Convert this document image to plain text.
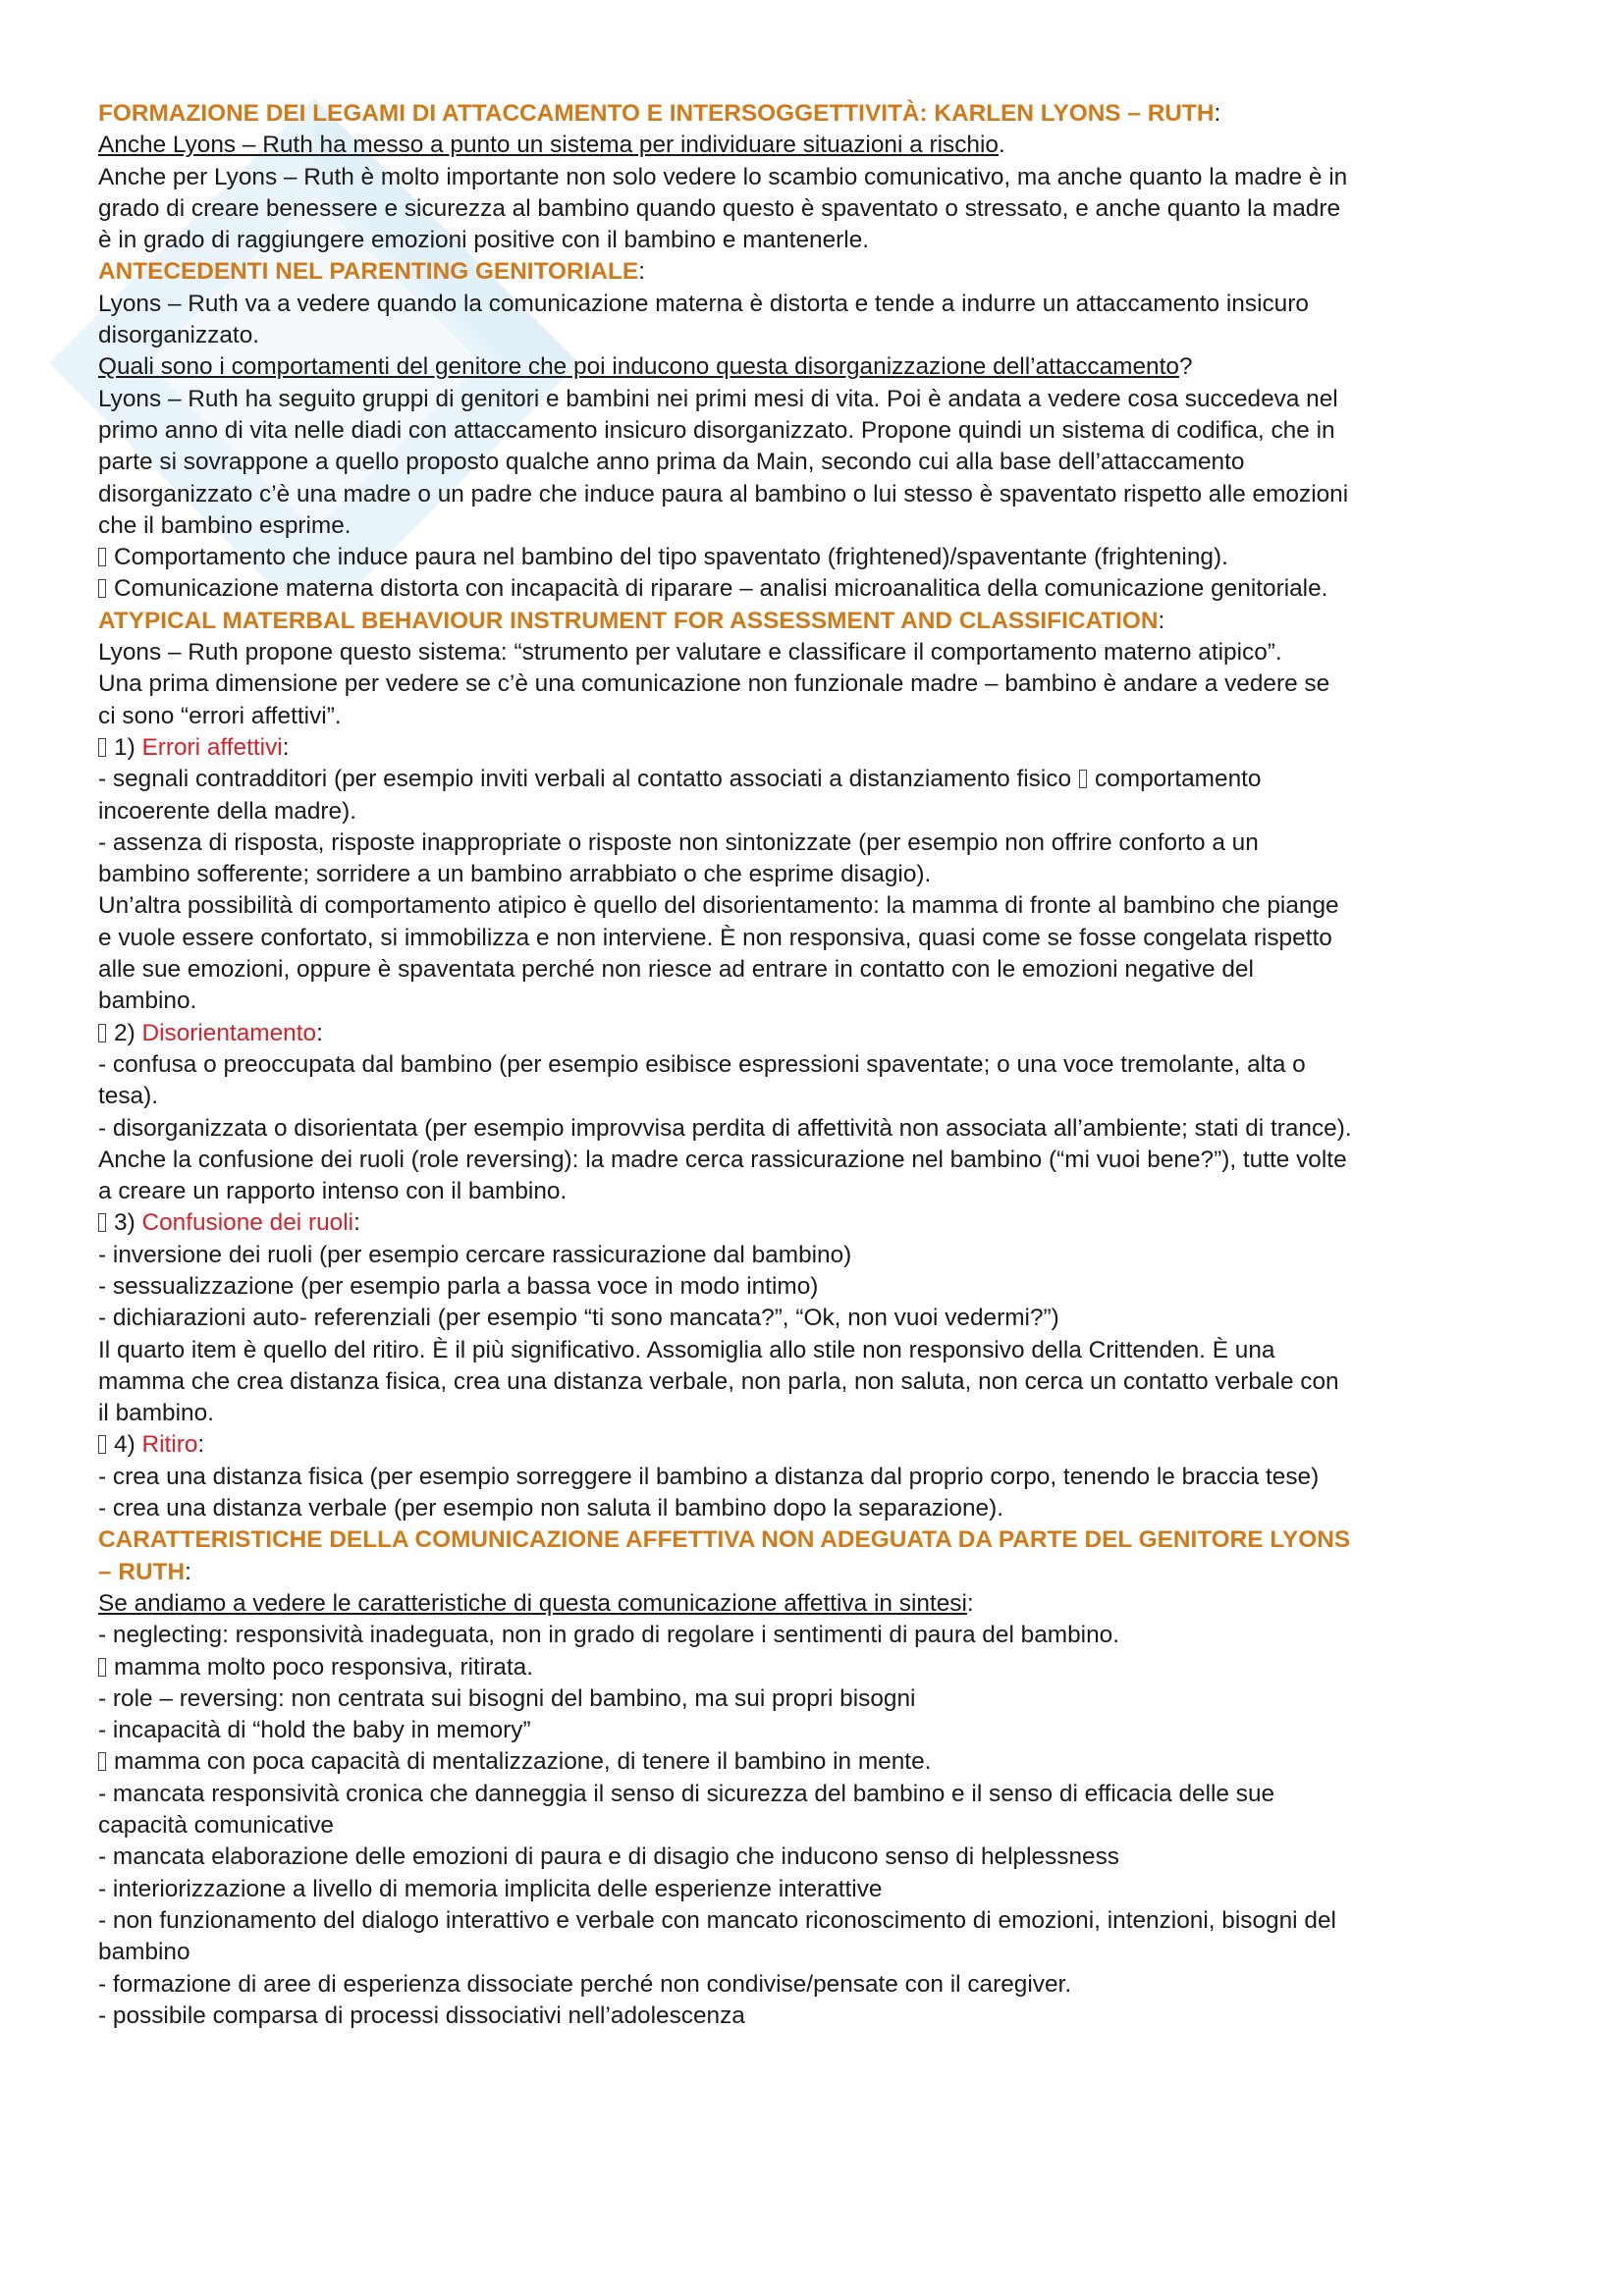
FORMAZIONE DEI LEGAMI DI ATTACCAMENTO E INTERSOGGETTIVITÀ: KARLEN LYONS – RUTH:
Anche Lyons – Ruth ha messo a punto un sistema per individuare situazioni a rischio.
Anche per Lyons – Ruth è molto importante non solo vedere lo scambio comunicativo, ma anche quanto la madre è in
grado di creare benessere e sicurezza al bambino quando questo è spaventato o stressato, e anche quanto la madre
è in grado di raggiungere emozioni positive con il bambino e mantenerle.
ANTECEDENTI NEL PARENTING GENITORIALE:
Lyons – Ruth va a vedere quando la comunicazione materna è distorta e tende a indurre un attaccamento insicuro
disorganizzato.
Quali sono i comportamenti del genitore che poi inducono questa disorganizzazione dell’attaccamento?
Lyons – Ruth ha seguito gruppi di genitori e bambini nei primi mesi di vita. Poi è andata a vedere cosa succedeva nel
primo anno di vita nelle diadi con attaccamento insicuro disorganizzato. Propone quindi un sistema di codifica, che in
parte si sovrappone a quello proposto qualche anno prima da Main, secondo cui alla base dell’attaccamento
disorganizzato c’è una madre o un padre che induce paura al bambino o lui stesso è spaventato rispetto alle emozioni
che il bambino esprime.
Comportamento che induce paura nel bambino del tipo spaventato (frightened)/spaventante (frightening).
Comunicazione materna distorta con incapacità di riparare – analisi microanalitica della comunicazione genitoriale.
ATYPICAL MATERBAL BEHAVIOUR INSTRUMENT FOR ASSESSMENT AND CLASSIFICATION:
Lyons – Ruth propone questo sistema: “strumento per valutare e classificare il comportamento materno atipico”.
Una prima dimensione per vedere se c’è una comunicazione non funzionale madre – bambino è andare a vedere se
ci sono “errori affettivi”.
1) Errori affettivi:
- segnali contradditori (per esempio inviti verbali al contatto associati a distanziamento fisico comportamento
incoerente della madre).
- assenza di risposta, risposte inappropriate o risposte non sintonizzate (per esempio non offrire conforto a un
bambino sofferente; sorridere a un bambino arrabbiato o che esprime disagio).
Un’altra possibilità di comportamento atipico è quello del disorientamento: la mamma di fronte al bambino che piange
e vuole essere confortato, si immobilizza e non interviene. È non responsiva, quasi come se fosse congelata rispetto
alle sue emozioni, oppure è spaventata perché non riesce ad entrare in contatto con le emozioni negative del
bambino.
2) Disorientamento:
- confusa o preoccupata dal bambino (per esempio esibisce espressioni spaventate; o una voce tremolante, alta o
tesa).
- disorganizzata o disorientata (per esempio improvvisa perdita di affettività non associata all’ambiente; stati di trance).
Anche la confusione dei ruoli (role reversing): la madre cerca rassicurazione nel bambino (“mi vuoi bene?”), tutte volte
a creare un rapporto intenso con il bambino.
3) Confusione dei ruoli:
- inversione dei ruoli (per esempio cercare rassicurazione dal bambino)
- sessualizzazione (per esempio parla a bassa voce in modo intimo)
- dichiarazioni auto- referenziali (per esempio “ti sono mancata?”, “Ok, non vuoi vedermi?”)
Il quarto item è quello del ritiro. È il più significativo. Assomiglia allo stile non responsivo della Crittenden. È una
mamma che crea distanza fisica, crea una distanza verbale, non parla, non saluta, non cerca un contatto verbale con
il bambino.
4) Ritiro:
- crea una distanza fisica (per esempio sorreggere il bambino a distanza dal proprio corpo, tenendo le braccia tese)
- crea una distanza verbale (per esempio non saluta il bambino dopo la separazione).
CARATTERISTICHE DELLA COMUNICAZIONE AFFETTIVA NON ADEGUATA DA PARTE DEL GENITORE LYONS
– RUTH:
Se andiamo a vedere le caratteristiche di questa comunicazione affettiva in sintesi:
- neglecting: responsività inadeguata, non in grado di regolare i sentimenti di paura del bambino.
mamma molto poco responsiva, ritirata.
- role – reversing: non centrata sui bisogni del bambino, ma sui propri bisogni
- incapacità di “hold the baby in memory”
mamma con poca capacità di mentalizzazione, di tenere il bambino in mente.
- mancata responsività cronica che danneggia il senso di sicurezza del bambino e il senso di efficacia delle sue
capacità comunicative
- mancata elaborazione delle emozioni di paura e di disagio che inducono senso di helplessness
- interiorizzazione a livello di memoria implicita delle esperienze interattive
- non funzionamento del dialogo interattivo e verbale con mancato riconoscimento di emozioni, intenzioni, bisogni del
bambino
- formazione di aree di esperienza dissociate perché non condivise/pensate con il caregiver.
- possibile comparsa di processi dissociativi nell’adolescenza
